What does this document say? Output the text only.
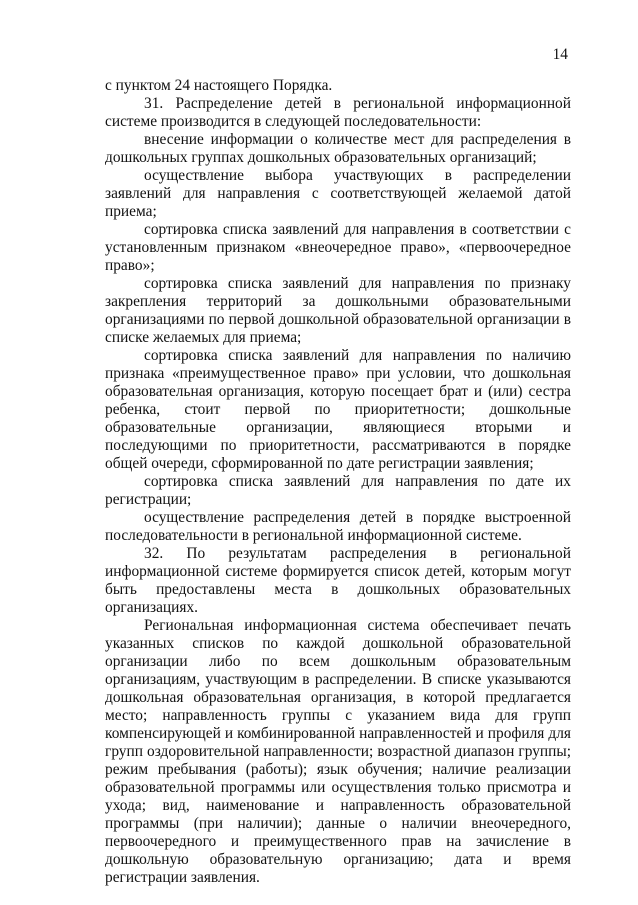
14

с пунктом 24 настоящего Порядка.

31. Распределение детей в региональной информационной системе производится в следующей последовательности:

внесение информации о количестве мест для распределения в дошкольных группах дошкольных образовательных организаций;

осуществление выбора участвующих в распределении заявлений для направления с соответствующей желаемой датой приема;

сортировка списка заявлений для направления в соответствии с установленным признаком «внеочередное право», «первоочередное право»;

сортировка списка заявлений для направления по признаку закрепления территорий за дошкольными образовательными организациями по первой дошкольной образовательной организации в списке желаемых для приема;

сортировка списка заявлений для направления по наличию признака «преимущественное право» при условии, что дошкольная образовательная организация, которую посещает брат и (или) сестра ребенка, стоит первой по приоритетности; дошкольные образовательные организации, являющиеся вторыми и последующими по приоритетности, рассматриваются в порядке общей очереди, сформированной по дате регистрации заявления;

сортировка списка заявлений для направления по дате их регистрации;

осуществление распределения детей в порядке выстроенной последовательности в региональной информационной системе.

32. По результатам распределения в региональной информационной системе формируется список детей, которым могут быть предоставлены места в дошкольных образовательных организациях.

Региональная информационная система обеспечивает печать указанных списков по каждой дошкольной образовательной организации либо по всем дошкольным образовательным организациям, участвующим в распределении. В списке указываются дошкольная образовательная организация, в которой предлагается место; направленность группы с указанием вида для групп компенсирующей и комбинированной направленностей и профиля для групп оздоровительной направленности; возрастной диапазон группы; режим пребывания (работы); язык обучения; наличие реализации образовательной программы или осуществления только присмотра и ухода; вид, наименование и направленность образовательной программы (при наличии); данные о наличии внеочередного, первоочередного и преимущественного прав на зачисление в дошкольную образовательную организацию; дата и время регистрации заявления.
